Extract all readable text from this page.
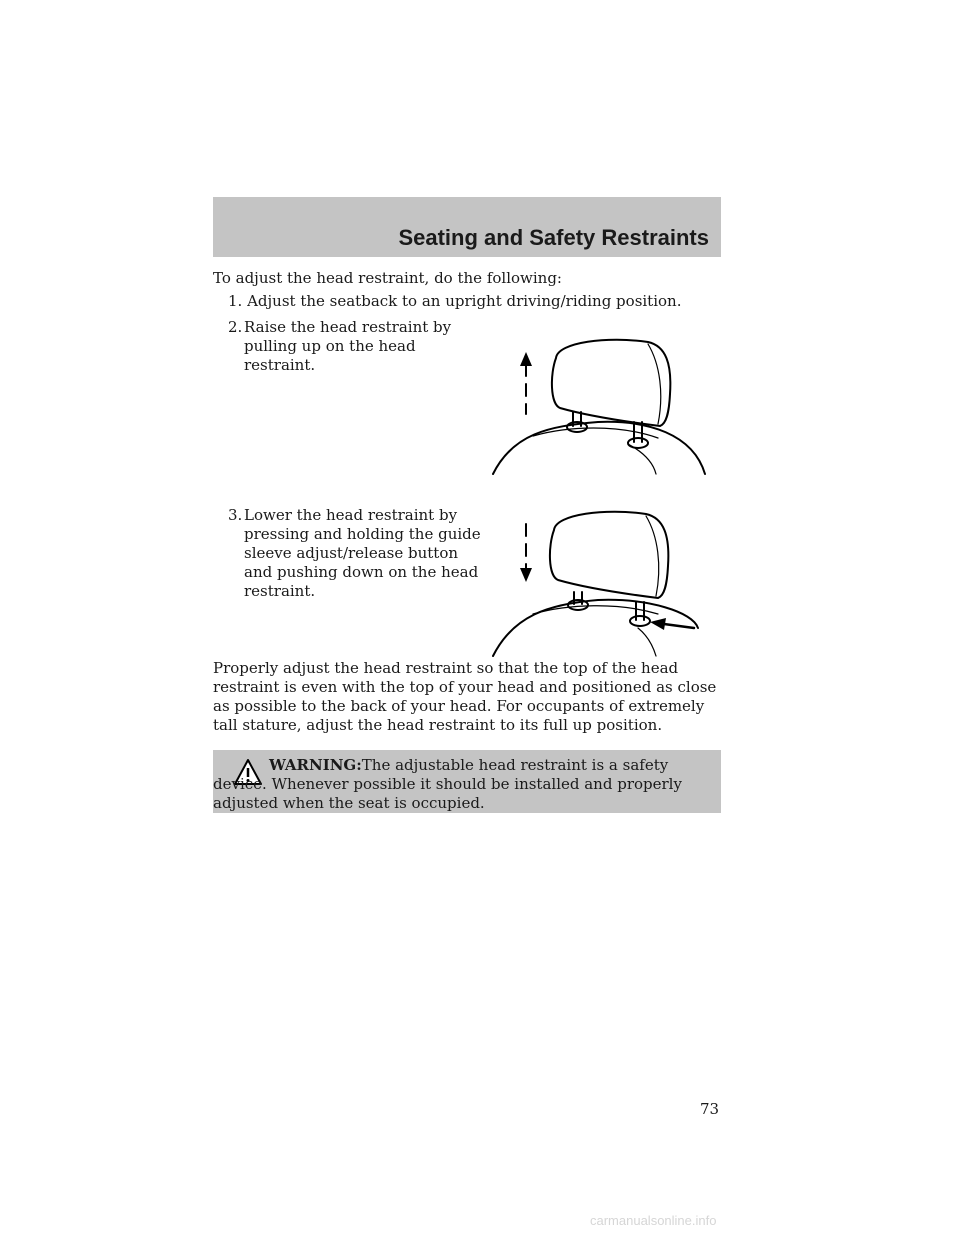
Seating and Safety Restraints
To adjust the head restraint, do the following:
1. Adjust the seatback to an upright driving/riding position.
2. Raise the head restraint by pulling up on the head restraint.
3. Lower the head restraint by pressing and holding the guide sleeve adjust/release button and pushing down on the head restraint.
Properly adjust the head restraint so that the top of the head restraint is even with the top of your head and positioned as close as possible to the back of your head. For occupants of extremely tall stature, adjust the head restraint to its full up position.
WARNING:The adjustable head restraint is a safety device. Whenever possible it should be installed and properly adjusted when the seat is occupied.
73
carmanualsonline.info
